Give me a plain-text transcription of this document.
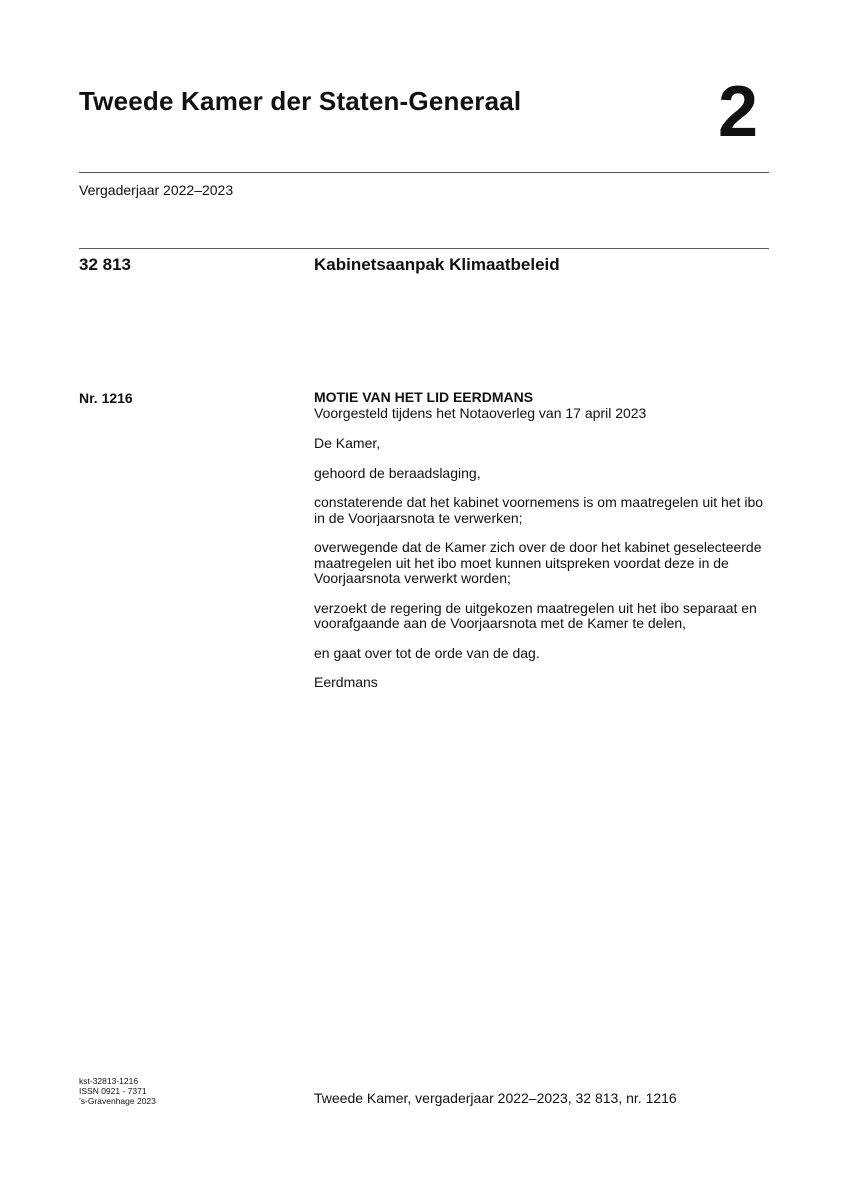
Tweede Kamer der Staten-Generaal	2
Vergaderjaar 2022–2023
32 813	Kabinetsaanpak Klimaatbeleid
Nr. 1216	MOTIE VAN HET LID EERDMANS
Voorgesteld tijdens het Notaoverleg van 17 april 2023
De Kamer,
gehoord de beraadslaging,
constaterende dat het kabinet voornemens is om maatregelen uit het ibo in de Voorjaarsnota te verwerken;
overwegende dat de Kamer zich over de door het kabinet geselecteerde maatregelen uit het ibo moet kunnen uitspreken voordat deze in de Voorjaarsnota verwerkt worden;
verzoekt de regering de uitgekozen maatregelen uit het ibo separaat en voorafgaande aan de Voorjaarsnota met de Kamer te delen,
en gaat over tot de orde van de dag.
Eerdmans
kst-32813-1216
ISSN 0921 - 7371
’s-Gravenhage 2023	Tweede Kamer, vergaderjaar 2022–2023, 32 813, nr. 1216
